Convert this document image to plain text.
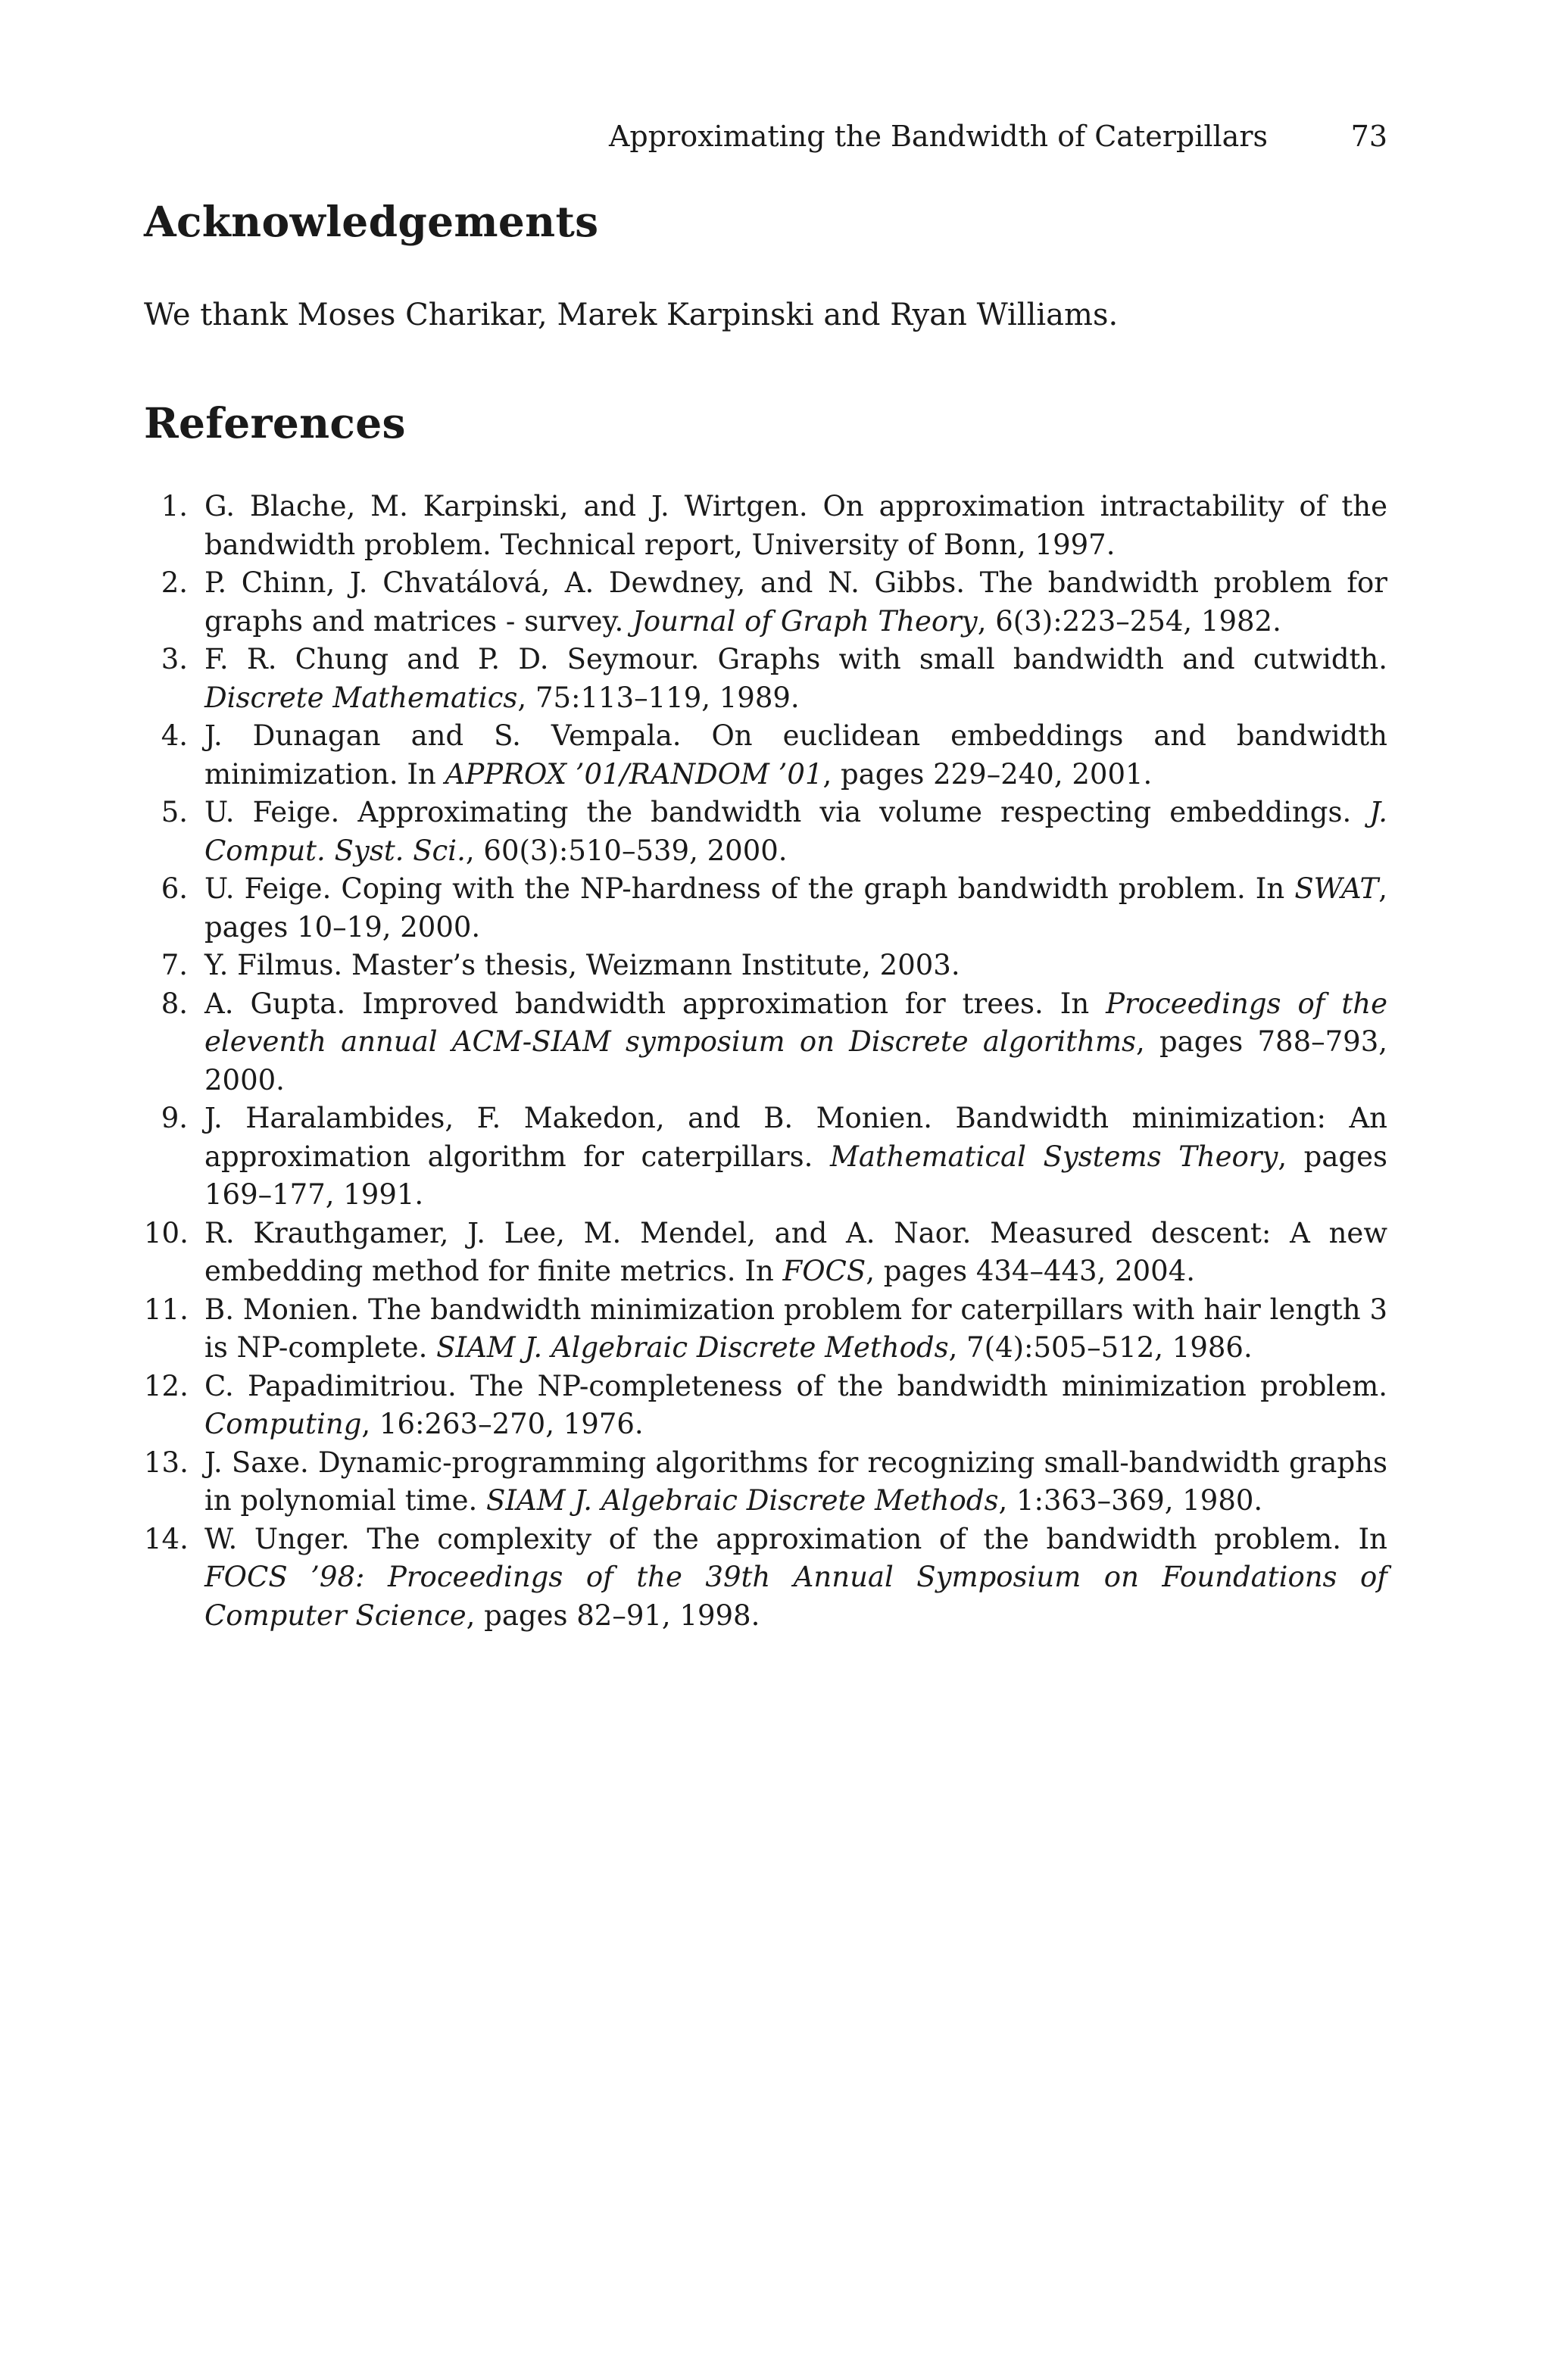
Approximating the Bandwidth of Caterpillars	73
Acknowledgements
We thank Moses Charikar, Marek Karpinski and Ryan Williams.
References
1. G. Blache, M. Karpinski, and J. Wirtgen. On approximation intractability of the bandwidth problem. Technical report, University of Bonn, 1997.
2. P. Chinn, J. Chvatálová, A. Dewdney, and N. Gibbs. The bandwidth problem for graphs and matrices - survey. Journal of Graph Theory, 6(3):223–254, 1982.
3. F. R. Chung and P. D. Seymour. Graphs with small bandwidth and cutwidth. Discrete Mathematics, 75:113–119, 1989.
4. J. Dunagan and S. Vempala. On euclidean embeddings and bandwidth minimization. In APPROX ’01/RANDOM ’01, pages 229–240, 2001.
5. U. Feige. Approximating the bandwidth via volume respecting embeddings. J. Comput. Syst. Sci., 60(3):510–539, 2000.
6. U. Feige. Coping with the NP-hardness of the graph bandwidth problem. In SWAT, pages 10–19, 2000.
7. Y. Filmus. Master’s thesis, Weizmann Institute, 2003.
8. A. Gupta. Improved bandwidth approximation for trees. In Proceedings of the eleventh annual ACM-SIAM symposium on Discrete algorithms, pages 788–793, 2000.
9. J. Haralambides, F. Makedon, and B. Monien. Bandwidth minimization: An approximation algorithm for caterpillars. Mathematical Systems Theory, pages 169–177, 1991.
10. R. Krauthgamer, J. Lee, M. Mendel, and A. Naor. Measured descent: A new embedding method for finite metrics. In FOCS, pages 434–443, 2004.
11. B. Monien. The bandwidth minimization problem for caterpillars with hair length 3 is NP-complete. SIAM J. Algebraic Discrete Methods, 7(4):505–512, 1986.
12. C. Papadimitriou. The NP-completeness of the bandwidth minimization problem. Computing, 16:263–270, 1976.
13. J. Saxe. Dynamic-programming algorithms for recognizing small-bandwidth graphs in polynomial time. SIAM J. Algebraic Discrete Methods, 1:363–369, 1980.
14. W. Unger. The complexity of the approximation of the bandwidth problem. In FOCS ’98: Proceedings of the 39th Annual Symposium on Foundations of Computer Science, pages 82–91, 1998.
